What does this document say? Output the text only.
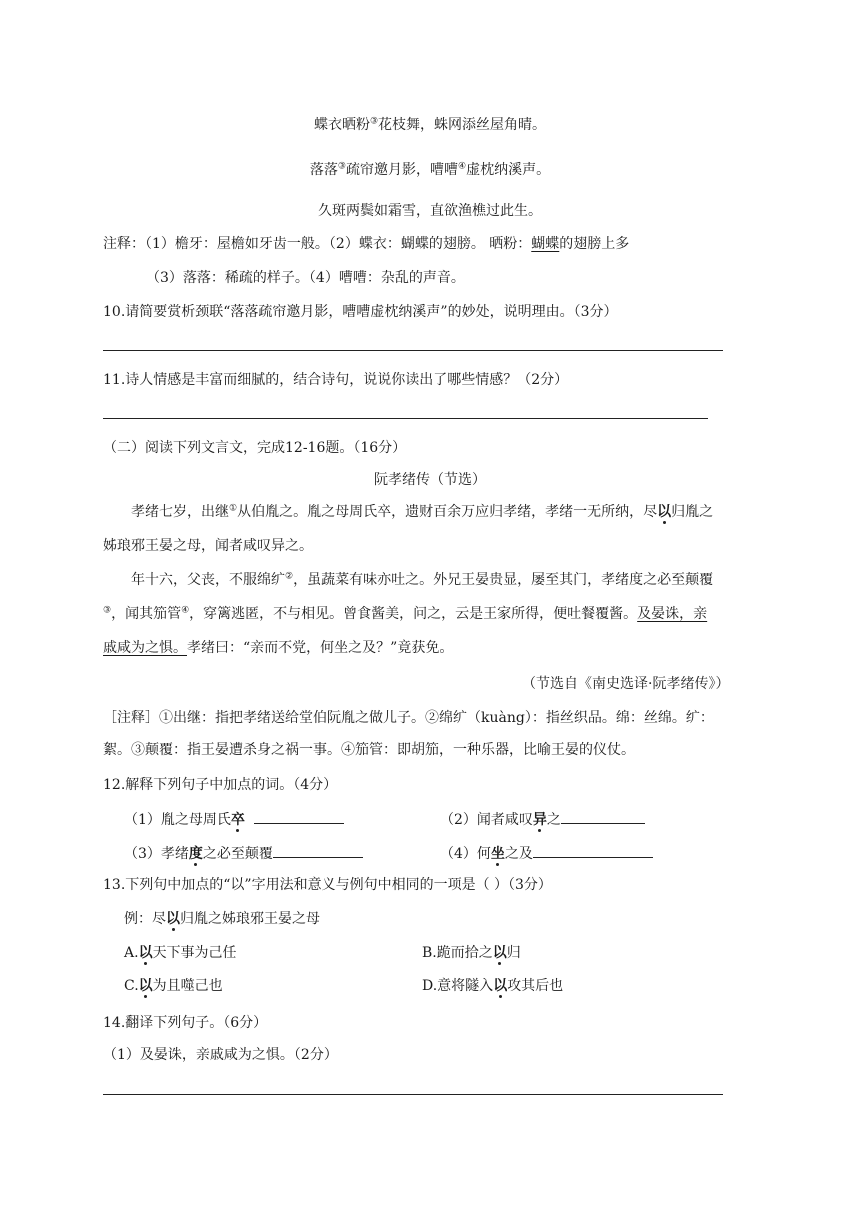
蝶衣晒粉③花枝舞，蛛网添丝屋角晴。
落落③疏帘邀月影，嘈嘈④虚枕纳溪声。
久斑两鬓如霜雪，直欲渔樵过此生。
注释：（1）檐牙：屋檐如牙齿一般。（2）蝶衣：蝴蝶的翅膀。 晒粉：蝴蝶的翅膀上多
（3）落落：稀疏的样子。（4）嘈嘈：杂乱的声音。
10.请简要赏析颈联“落落疏帘邀月影，嘈嘈虚枕纳溪声”的妙处，说明理由。（3分）
11.诗人情感是丰富而细腻的，结合诗句，说说你读出了哪些情感？（2分）
（二）阅读下列文言文，完成12-16题。（16分）
阮孝绪传（节选）
孝绪七岁，出继①从伯胤之。胤之母周氏卒，遗财百余万应归孝绪，孝绪一无所纳，尽以归胤之
姊琅邪王晏之母，闻者咸叹异之。
年十六，父丧，不服绵纩②，虽蔬菜有味亦吐之。外兄王晏贵显，屡至其门，孝绪度之必至颠覆
③，闻其笳管④，穿篱逃匿，不与相见。曾食酱美，问之，云是王家所得，便吐餐覆酱。及晏诛，亲
戚咸为之惧。孝绪曰：“亲而不党，何坐之及？”竟获免。
（节选自《南史选译·阮孝绪传》）
［注释］①出继：指把孝绪送给堂伯阮胤之做儿子。②绵纩（kuàng）：指丝织品。绵：丝绵。纩：
絮。③颠覆：指王晏遭杀身之祸一事。④笳管：即胡笳，一种乐器，比喻王晏的仪仗。
12.解释下列句子中加点的词。（4分）
（1）胤之母周氏卒	（2）闻者咸叹异之
（3）孝绪度之必至颠覆	（4）何坐之及
13.下列句中加点的“以”字用法和意义与例句中相同的一项是（ ）（3分）
例：尽以归胤之姊琅邪王晏之母
A.以天下事为己任	B.跪而拾之以归
C.以为且噬己也	D.意将隧入以攻其后也
14.翻译下列句子。（6分）
（1）及晏诛，亲戚咸为之惧。（2分）
